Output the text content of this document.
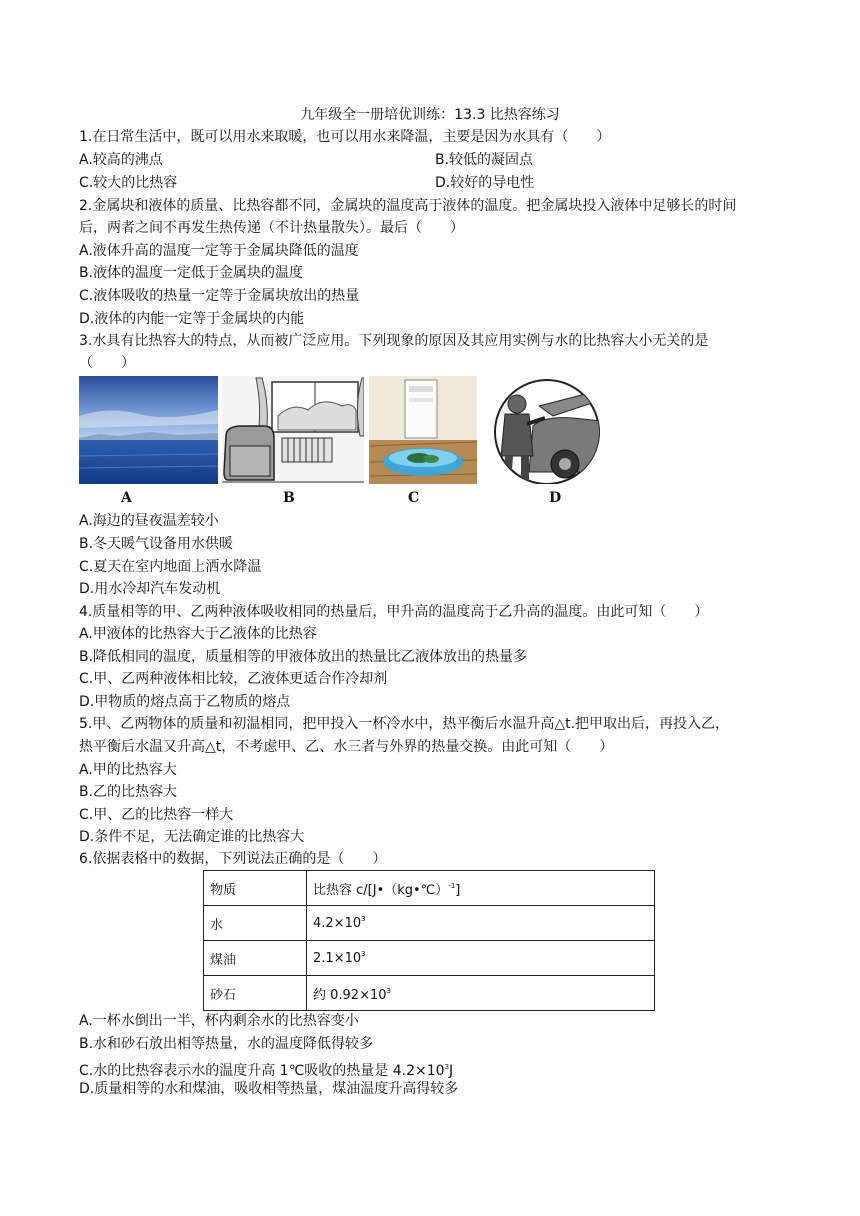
九年级全一册培优训练：13.3 比热容练习
1.在日常生活中，既可以用水来取暖，也可以用水来降温，主要是因为水具有（　　）
A.较高的沸点	B.较低的凝固点
C.较大的比热容	D.较好的导电性
2.金属块和液体的质量、比热容都不同，金属块的温度高于液体的温度。把金属块投入液体中足够长的时间
后，两者之间不再发生热传递（不计热量散失）。最后（　　）
A.液体升高的温度一定等于金属块降低的温度
B.液体的温度一定低于金属块的温度
C.液体吸收的热量一定等于金属块放出的热量
D.液体的内能一定等于金属块的内能
3.水具有比热容大的特点，从而被广泛应用。下列现象的原因及其应用实例与水的比热容大小无关的是
（　　）
A	B	C	D
A.海边的昼夜温差较小
B.冬天暖气设备用水供暖
C.夏天在室内地面上洒水降温
D.用水冷却汽车发动机
4.质量相等的甲、乙两种液体吸收相同的热量后，甲升高的温度高于乙升高的温度。由此可知（　　）
A.甲液体的比热容大于乙液体的比热容
B.降低相同的温度，质量相等的甲液体放出的热量比乙液体放出的热量多
C.甲、乙两种液体相比较，乙液体更适合作冷却剂
D.甲物质的熔点高于乙物质的熔点
5.甲、乙两物体的质量和初温相同，把甲投入一杯冷水中，热平衡后水温升高△t.把甲取出后，再投入乙，
热平衡后水温又升高△t，不考虑甲、乙、水三者与外界的热量交换。由此可知（　　）
A.甲的比热容大
B.乙的比热容大
C.甲、乙的比热容一样大
D.条件不足，无法确定谁的比热容大
6.依据表格中的数据，下列说法正确的是（　　）
物质	比热容 c/[J•（kg•℃）$^{-1}$]
水	$4.2\times 10^3$
煤油	$2.1\times 10^3$
砂石	约 $0.92\times 10^3$
A.一杯水倒出一半，杯内剩余水的比热容变小
B.水和砂石放出相等热量，水的温度降低得较多
C.水的比热容表示水的温度升高 1℃吸收的热量是 $4.2\times 10^3J$
D.质量相等的水和煤油，吸收相等热量，煤油温度升高得较多
